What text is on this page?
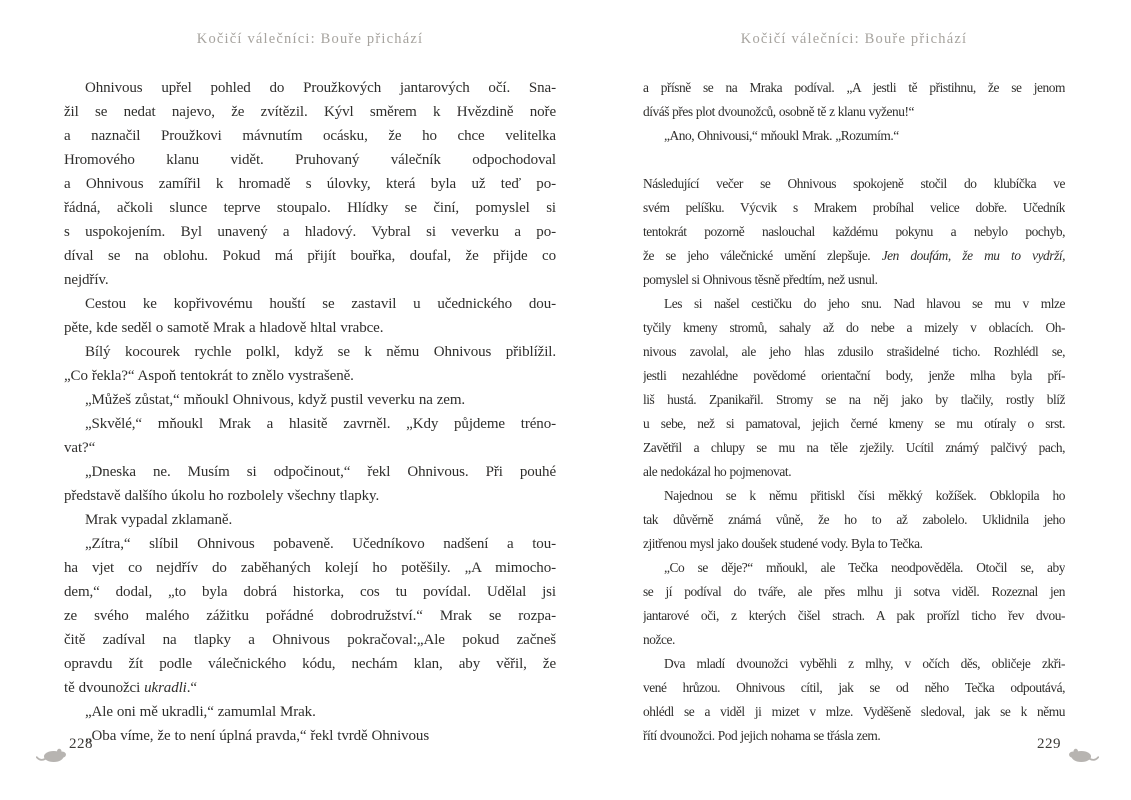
Kočičí válečníci: Bouře přichází
Ohnivous upřel pohled do Proužkových jantarových očí. Sna-
žil se nedat najevo, že zvítězil. Kývl směrem k Hvězdině noře
a naznačil Proužkovi mávnutím ocásku, že ho chce velitelka
Hromového klanu vidět. Pruhovaný válečník odpochodoval
a Ohnivous zamířil k hromadě s úlovky, která byla už teď po-
řádná, ačkoli slunce teprve stoupalo. Hlídky se činí, pomyslel si
s uspokojením. Byl unavený a hladový. Vybral si veverku a po-
díval se na oblohu. Pokud má přijít bouřka, doufal, že přijde co
nejdřív.
Cestou ke kopřivovému houští se zastavil u učednického dou-
pěte, kde seděl o samotě Mrak a hladově hltal vrabce.
Bílý kocourek rychle polkl, když se k němu Ohnivous přiblížil.
„Co řekla?“ Aspoň tentokrát to znělo vystrašeně.
„Můžeš zůstat,“ mňoukl Ohnivous, když pustil veverku na zem.
„Skvělé,“ mňoukl Mrak a hlasitě zavrněl. „Kdy půjdeme tréno-
vat?“
„Dneska ne. Musím si odpočinout,“ řekl Ohnivous. Při pouhé
představě dalšího úkolu ho rozbolely všechny tlapky.
Mrak vypadal zklamaně.
„Zítra,“ slíbil Ohnivous pobaveně. Učedníkovo nadšení a tou-
ha vjet co nejdřív do zaběhaných kolejí ho potěšily. „A mimocho-
dem,“ dodal, „to byla dobrá historka, cos tu povídal. Udělal jsi
ze svého malého zážitku pořádné dobrodružství.“ Mrak se rozpa-
čitě zadíval na tlapky a Ohnivous pokračoval:„Ale pokud začneš
opravdu žít podle válečnického kódu, nechám klan, aby věřil, že
tě dvounožci ukradli.“
„Ale oni mě ukradli,“ zamumlal Mrak.
„Oba víme, že to není úplná pravda,“ řekl tvrdě Ohnivous
228
Kočičí válečníci: Bouře přichází
a přísně se na Mraka podíval. „A jestli tě přistihnu, že se jenom
díváš přes plot dvounožců, osobně tě z klanu vyženu!“
„Ano, Ohnivousi,“ mňoukl Mrak. „Rozumím.“
Následující večer se Ohnivous spokojeně stočil do klubíčka ve
svém pelíšku. Výcvik s Mrakem probíhal velice dobře. Učedník
tentokrát pozorně naslouchal každému pokynu a nebylo pochyb,
že se jeho válečnické umění zlepšuje. Jen doufám, že mu to vydrží,
pomyslel si Ohnivous těsně předtím, než usnul.
Les si našel cestičku do jeho snu. Nad hlavou se mu v mlze
tyčily kmeny stromů, sahaly až do nebe a mizely v oblacích. Oh-
nivous zavolal, ale jeho hlas zdusilo strašidelné ticho. Rozhlédl se,
jestli nezahlédne povědomé orientační body, jenže mlha byla pří-
liš hustá. Zpanikařil. Stromy se na něj jako by tlačily, rostly blíž
u sebe, než si pamatoval, jejich černé kmeny se mu otíraly o srst.
Zavětřil a chlupy se mu na těle zježily. Ucítil známý palčivý pach,
ale nedokázal ho pojmenovat.
Najednou se k němu přitiskl čísi měkký kožíšek. Obklopila ho
tak důvěrně známá vůně, že ho to až zabolelo. Uklidnila jeho
zjitřenou mysl jako doušek studené vody. Byla to Tečka.
„Co se děje?“ mňoukl, ale Tečka neodpověděla. Otočil se, aby
se jí podíval do tváře, ale přes mlhu ji sotva viděl. Rozeznal jen
jantarové oči, z kterých čišel strach. A pak prořízl ticho řev dvou-
nožce.
Dva mladí dvounožci vyběhli z mlhy, v očích děs, obličeje zkři-
vené hrůzou. Ohnivous cítil, jak se od něho Tečka odpoutává,
ohlédl se a viděl ji mizet v mlze. Vyděšeně sledoval, jak se k němu
řítí dvounožci. Pod jejich nohama se třásla zem.
229
